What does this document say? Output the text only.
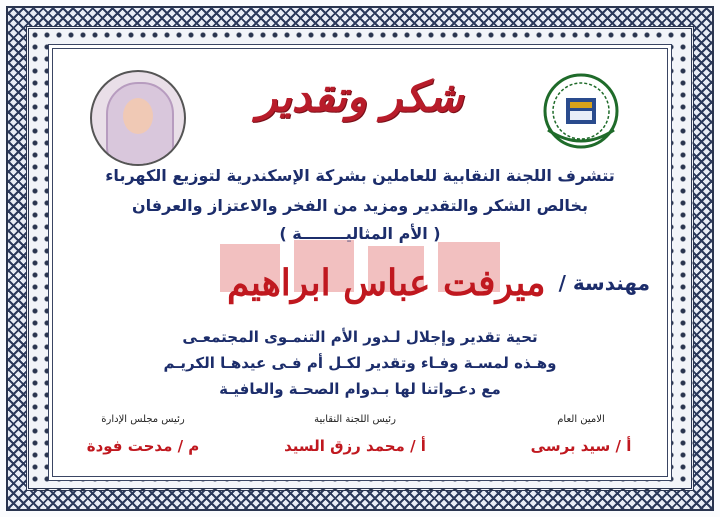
شكر وتقدير
تتشرف اللجنة النقابية للعاملين بشركة الإسكندرية لتوزيع الكهرباء
بخالص الشكر والتقدير ومزيد من الفخر والاعتزاز والعرفان
( الأم المثاليــــــــة )
مهندسة / ميرفت عباس ابراهيم
تحية تقدير وإجلال لـدور الأم التنمـوى المجتمعـى
وهـذه لمسـة وفـاء وتقدير لكـل أم فـى عيدهـا الكريـم
مع دعـواتنا لها بـدوام الصحـة والعافيـة
رئيس مجلس الإدارة
م / مدحت فودة
رئيس اللجنة النقابية
أ / محمد رزق السيد
الامين العام
أ / سيد برسى
